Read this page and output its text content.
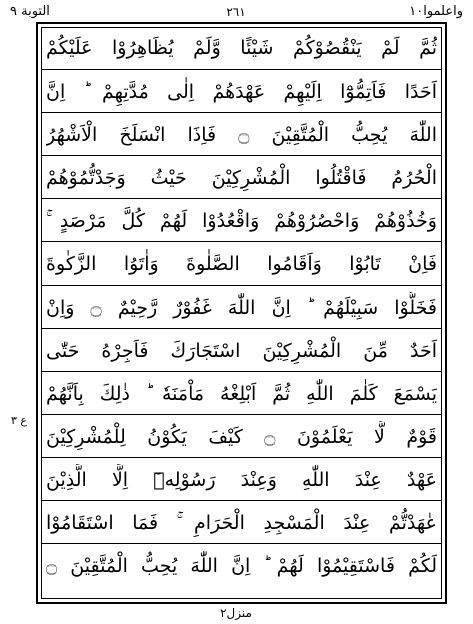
التوبة ٩	٢٦١	واعلموا١٠
ثُمَّ لَمْ يَنْقُصُوْكُمْ شَيْئًا وَّلَمْ يُظَاهِرُوْا عَلَيْكُمْ
اَحَدًا فَاَتِمُّوْٓا اِلَيْهِمْ عَهْدَهُمْ اِلٰى مُدَّتِهِمْ ؕ اِنَّ
اللّٰهَ يُحِبُّ الْمُتَّقِيْنَ ۝ فَاِذَا انْسَلَخَ الْاَشْهُرُ
الْحُرُمُ فَاقْتُلُوا الْمُشْرِكِيْنَ حَيْثُ وَجَدْتُّمُوْهُمْ
وَخُذُوْهُمْ وَاحْصُرُوْهُمْ وَاقْعُدُوْا لَهُمْ كُلَّ مَرْصَدٍ ۚ
فَاِنْ تَابُوْا وَاَقَامُوا الصَّلٰوةَ وَاٰتَوُا الزَّكٰوةَ
فَخَلُّوْا سَبِيْلَهُمْ ؕ اِنَّ اللّٰهَ غَفُوْرٌ رَّحِيْمٌ ۝ وَاِنْ
اَحَدٌ مِّنَ الْمُشْرِكِيْنَ اسْتَجَارَكَ فَاَجِرْهُ حَتّٰى
يَسْمَعَ كَلٰمَ اللّٰهِ ثُمَّ اَبْلِغْهُ مَاْمَنَهٗ ؕ ذٰلِكَ بِاَنَّهُمْ
قَوْمٌ لَّا يَعْلَمُوْنَ ۝ كَيْفَ يَكُوْنُ لِلْمُشْرِكِيْنَ
عَهْدٌ عِنْدَ اللّٰهِ وَعِنْدَ رَسُوْلِهٖٓ اِلَّا الَّذِيْنَ
عٰهَدْتُّمْ عِنْدَ الْمَسْجِدِ الْحَرَامِ ۚ فَمَا اسْتَقَامُوْا
لَكُمْ فَاسْتَقِيْمُوْا لَهُمْ ؕ اِنَّ اللّٰهَ يُحِبُّ الْمُتَّقِيْنَ ۝
ع ٣
منزل٢
